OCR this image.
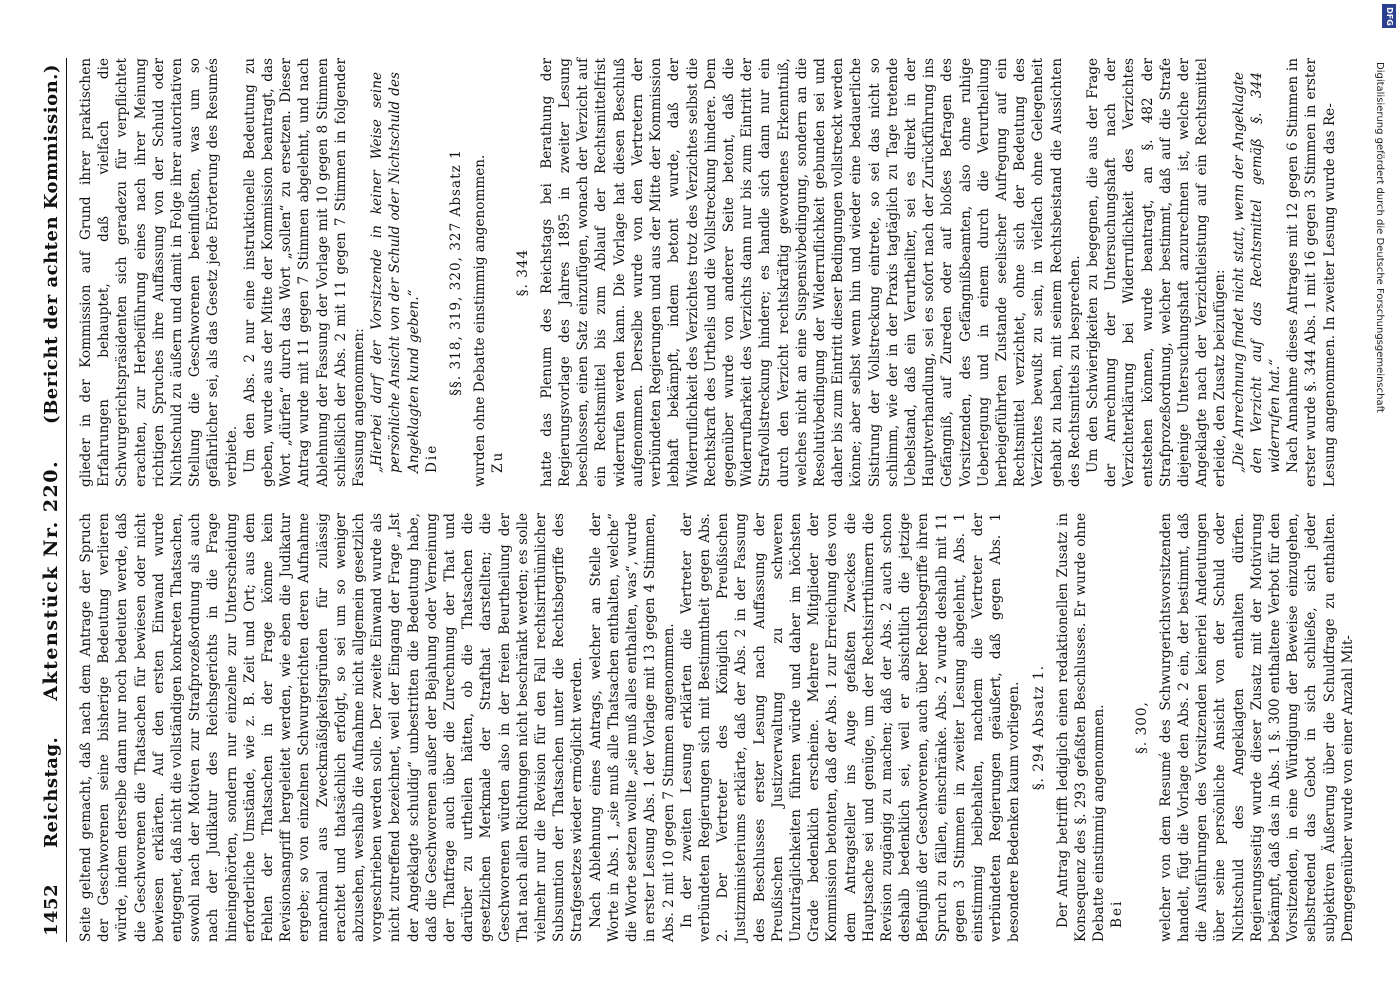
1452
Reichstag.
Aktenstück Nr. 220.
(Bericht der achten Kommission.)

Seite geltend gemacht, daß nach dem Antrage der Spruch der Geschworenen seine bisherige Bedeutung verlieren würde, indem derselbe dann nur noch bedeuten werde, daß die Geschworenen die Thatsachen für bewiesen oder nicht bewiesen erklärten. Auf den ersten Einwand wurde entgegnet, daß nicht die vollständigen konkreten Thatsachen, sowohl nach der Motiven zur Strafprozeßordnung als auch nach der Judikatur des Reichsgerichts in die Frage hineingehörten, sondern nur einzelne zur Unterscheidung erforderliche Umstände, wie z. B. Zeit und Ort; aus dem Fehlen der Thatsachen in der Frage könne kein Revisionsangriff hergeleitet werden, wie eben die Judikatur ergebe; so von einzelnen Schwurgerichten deren Aufnahme manchmal aus Zweckmäßigkeitsgründen für zulässig erachtet und thatsächlich erfolgt, so sei um so weniger abzusehen, weshalb die Aufnahme nicht allgemein gesetzlich vorgeschrieben werden solle. Der zweite Einwand wurde als nicht zutreffend bezeichnet, weil der Eingang der Frage „Ist der Angeklagte schuldig“ unbestritten die Bedeutung habe, daß die Geschworenen außer der Bejahung oder Verneinung der Thatfrage auch über die Zurechnung der That und darüber zu urtheilen hätten, ob die Thatsachen die gesetzlichen Merkmale der Strafthat darstellten; die Geschworenen würden also in der freien Beurtheilung der That nach allen Richtungen nicht beschränkt werden; es solle vielmehr nur die Revision für den Fall rechtsirrthümlicher Subsumtion der Thatsachen unter die Rechtsbegriffe des Strafgesetzes wieder ermöglicht werden. Nach Ablehnung eines Antrags, welcher an Stelle der Worte in Abs. 1 „sie muß alle Thatsachen enthalten, welche“ die Worte setzen wollte „sie muß alles enthalten, was“, wurde in erster Lesung Abs. 1 der Vorlage mit 13 gegen 4 Stimmen, Abs. 2 mit 10 gegen 7 Stimmen angenommen. In der zweiten Lesung erklärten die Vertreter der verbündeten Regierungen sich mit Bestimmtheit gegen Abs. 2. Der Vertreter des Königlich Preußischen Justizministeriums erklärte, daß der Abs. 2 in der Fassung des Beschlusses erster Lesung nach Auffassung der Preußischen Justizverwaltung zu schweren Unzuträglichkeiten führen würde und daher im höchsten Grade bedenklich erscheine. Mehrere Mitglieder der Kommission betonten, daß der Abs. 1 zur Erreichung des von dem Antragsteller ins Auge gefaßten Zweckes die Hauptsache sei und genüge, um der Rechtsirrthümern die Revision zugängig zu machen; daß der Abs. 2 auch schon deshalb bedenklich sei, weil er absichtlich die jetzige Befugniß der Geschworenen, auch über Rechtsbegriffe ihren Spruch zu fällen, einschränke. Abs. 2 wurde deshalb mit 11 gegen 3 Stimmen in zweiter Lesung abgelehnt, Abs. 1 einstimmig beibehalten, nachdem die Vertreter der verbündeten Regierungen geäußert, daß gegen Abs. 1 besondere Bedenken kaum vorliegen. §. 294 Absatz 1. Der Antrag betrifft lediglich einen redaktionellen Zusatz in Konsequenz des §. 293 gefaßten Beschlusses. Er wurde ohne Debatte einstimmig angenommen. Bei

§. 300, welcher von dem Resumé des Schwurgerichtsvorsitzenden handelt, fügt die Vorlage den Abs. 2 ein, der bestimmt, daß die Ausführungen des Vorsitzenden keinerlei Andeutungen über seine persönliche Ansicht von der Schuld oder Nichtschuld des Angeklagten enthalten dürfen. Regierungsseitig wurde dieser Zusatz mit der Motivirung bekämpft, daß das in Abs. 1 §. 300 enthaltene Verbot für den Vorsitzenden, in eine Würdigung der Beweise einzugehen, selbstredend das Gebot in sich schließe, sich jeder subjektiven Äußerung über die Schuldfrage zu enthalten. Demgegenüber wurde von einer Anzahl Mit-

glieder in der Kommission auf Grund ihrer praktischen Erfahrungen behauptet, daß vielfach die Schwurgerichtspräsidenten sich geradezu für verpflichtet erachten, zur Herbeiführung eines nach ihrer Meinung richtigen Spruches ihre Auffassung von der Schuld oder Nichtschuld zu äußern und damit in Folge ihrer autoritativen Stellung die Geschworenen beeinflußten, was um so gefährlicher sei, als das Gesetz jede Erörterung des Resumés verbiete. Um den Abs. 2 nur eine instruktionelle Bedeutung zu geben, wurde aus der Mitte der Kommission beantragt, das Wort „dürfen“ durch das Wort „sollen“ zu ersetzen. Dieser Antrag wurde mit 11 gegen 7 Stimmen abgelehnt, und nach Ablehnung der Fassung der Vorlage mit 10 gegen 8 Stimmen schließlich der Abs. 2 mit 11 gegen 7 Stimmen in folgender Fassung angenommen: „Hierbei darf der Vorsitzende in keiner Weise seine persönliche Ansicht von der Schuld oder Nichtschuld des Angeklagten kund geben.“ Die

§§. 318, 319, 320, 327 Absatz 1 wurden ohne Debatte einstimmig angenommen. Zu

§. 344 hatte das Plenum des Reichstags bei Berathung der Regierungsvorlage des Jahres 1895 in zweiter Lesung beschlossen, einen Satz einzufügen, wonach der Verzicht auf ein Rechtsmittel bis zum Ablauf der Rechtsmittelfrist widerrufen werden kann. Die Vorlage hat diesen Beschluß aufgenommen. Derselbe wurde von den Vertretern der verbündeten Regierungen und aus der Mitte der Kommission lebhaft bekämpft, indem betont wurde, daß der Widerruflichkeit des Verzichtes trotz des Verzichtes selbst die Rechtskraft des Urtheils und die Vollstreckung hindere. Dem gegenüber wurde von anderer Seite betont, daß die Widerrufbarkeit des Verzichts dann nur bis zum Eintritt der Strafvollstreckung hindere; es handle sich dann nur ein durch den Verzicht rechtskräftig gewordenes Erkenntniß, welches nicht an eine Suspensivbedingung, sondern an die Resolutivbedingung der Widerruflichkeit gebunden sei und daher bis zum Eintritt dieser Bedingungen vollstreckt werden könne; aber selbst wenn hin und wieder eine bedauerliche Sistirung der Vollstreckung eintrete, so sei das nicht so schlimm, wie der in der Praxis tagtäglich zu Tage tretende Uebelstand, daß ein Verurtheilter, sei es direkt in der Hauptverhandlung, sei es sofort nach der Zurückführung ins Gefängniß, auf Zureden oder auf bloßes Befragen des Vorsitzenden, des Gefängnißbeamten, also ohne ruhige Ueberlegung und in einem durch die Verurtheilung herbeigeführten Zustande seelischer Aufregung auf ein Rechtsmittel verzichtet, ohne sich der Bedeutung des Verzichtes bewußt zu sein, in vielfach ohne Gelegenheit gehabt zu haben, mit seinem Rechtsbeistand die Aussichten des Rechtsmittels zu besprechen. Um den Schwierigkeiten zu begegnen, die aus der Frage der Anrechnung der Untersuchungshaft nach der Verzichterklärung bei Widerruflichkeit des Verzichtes entstehen können, wurde beantragt, an §. 482 der Strafprozeßordnung, welcher bestimmt, daß auf die Strafe diejenige Untersuchungshaft anzurechnen ist, welche der Angeklagte nach der Verzichtleistung auf ein Rechtsmittel erleide, den Zusatz beizufügen: „Die Anrechnung findet nicht statt, wenn der Angeklagte den Verzicht auf das Rechtsmittel gemäß §. 344 widerrufen hat.“ Nach Annahme dieses Antrages mit 12 gegen 6 Stimmen in erster wurde §. 344 Abs. 1 mit 16 gegen 3 Stimmen in erster Lesung angenommen. In zweiter Lesung wurde das Re-

DFG
Digitalisierung gefördert durch die Deutsche Forschungsgemeinschaft
